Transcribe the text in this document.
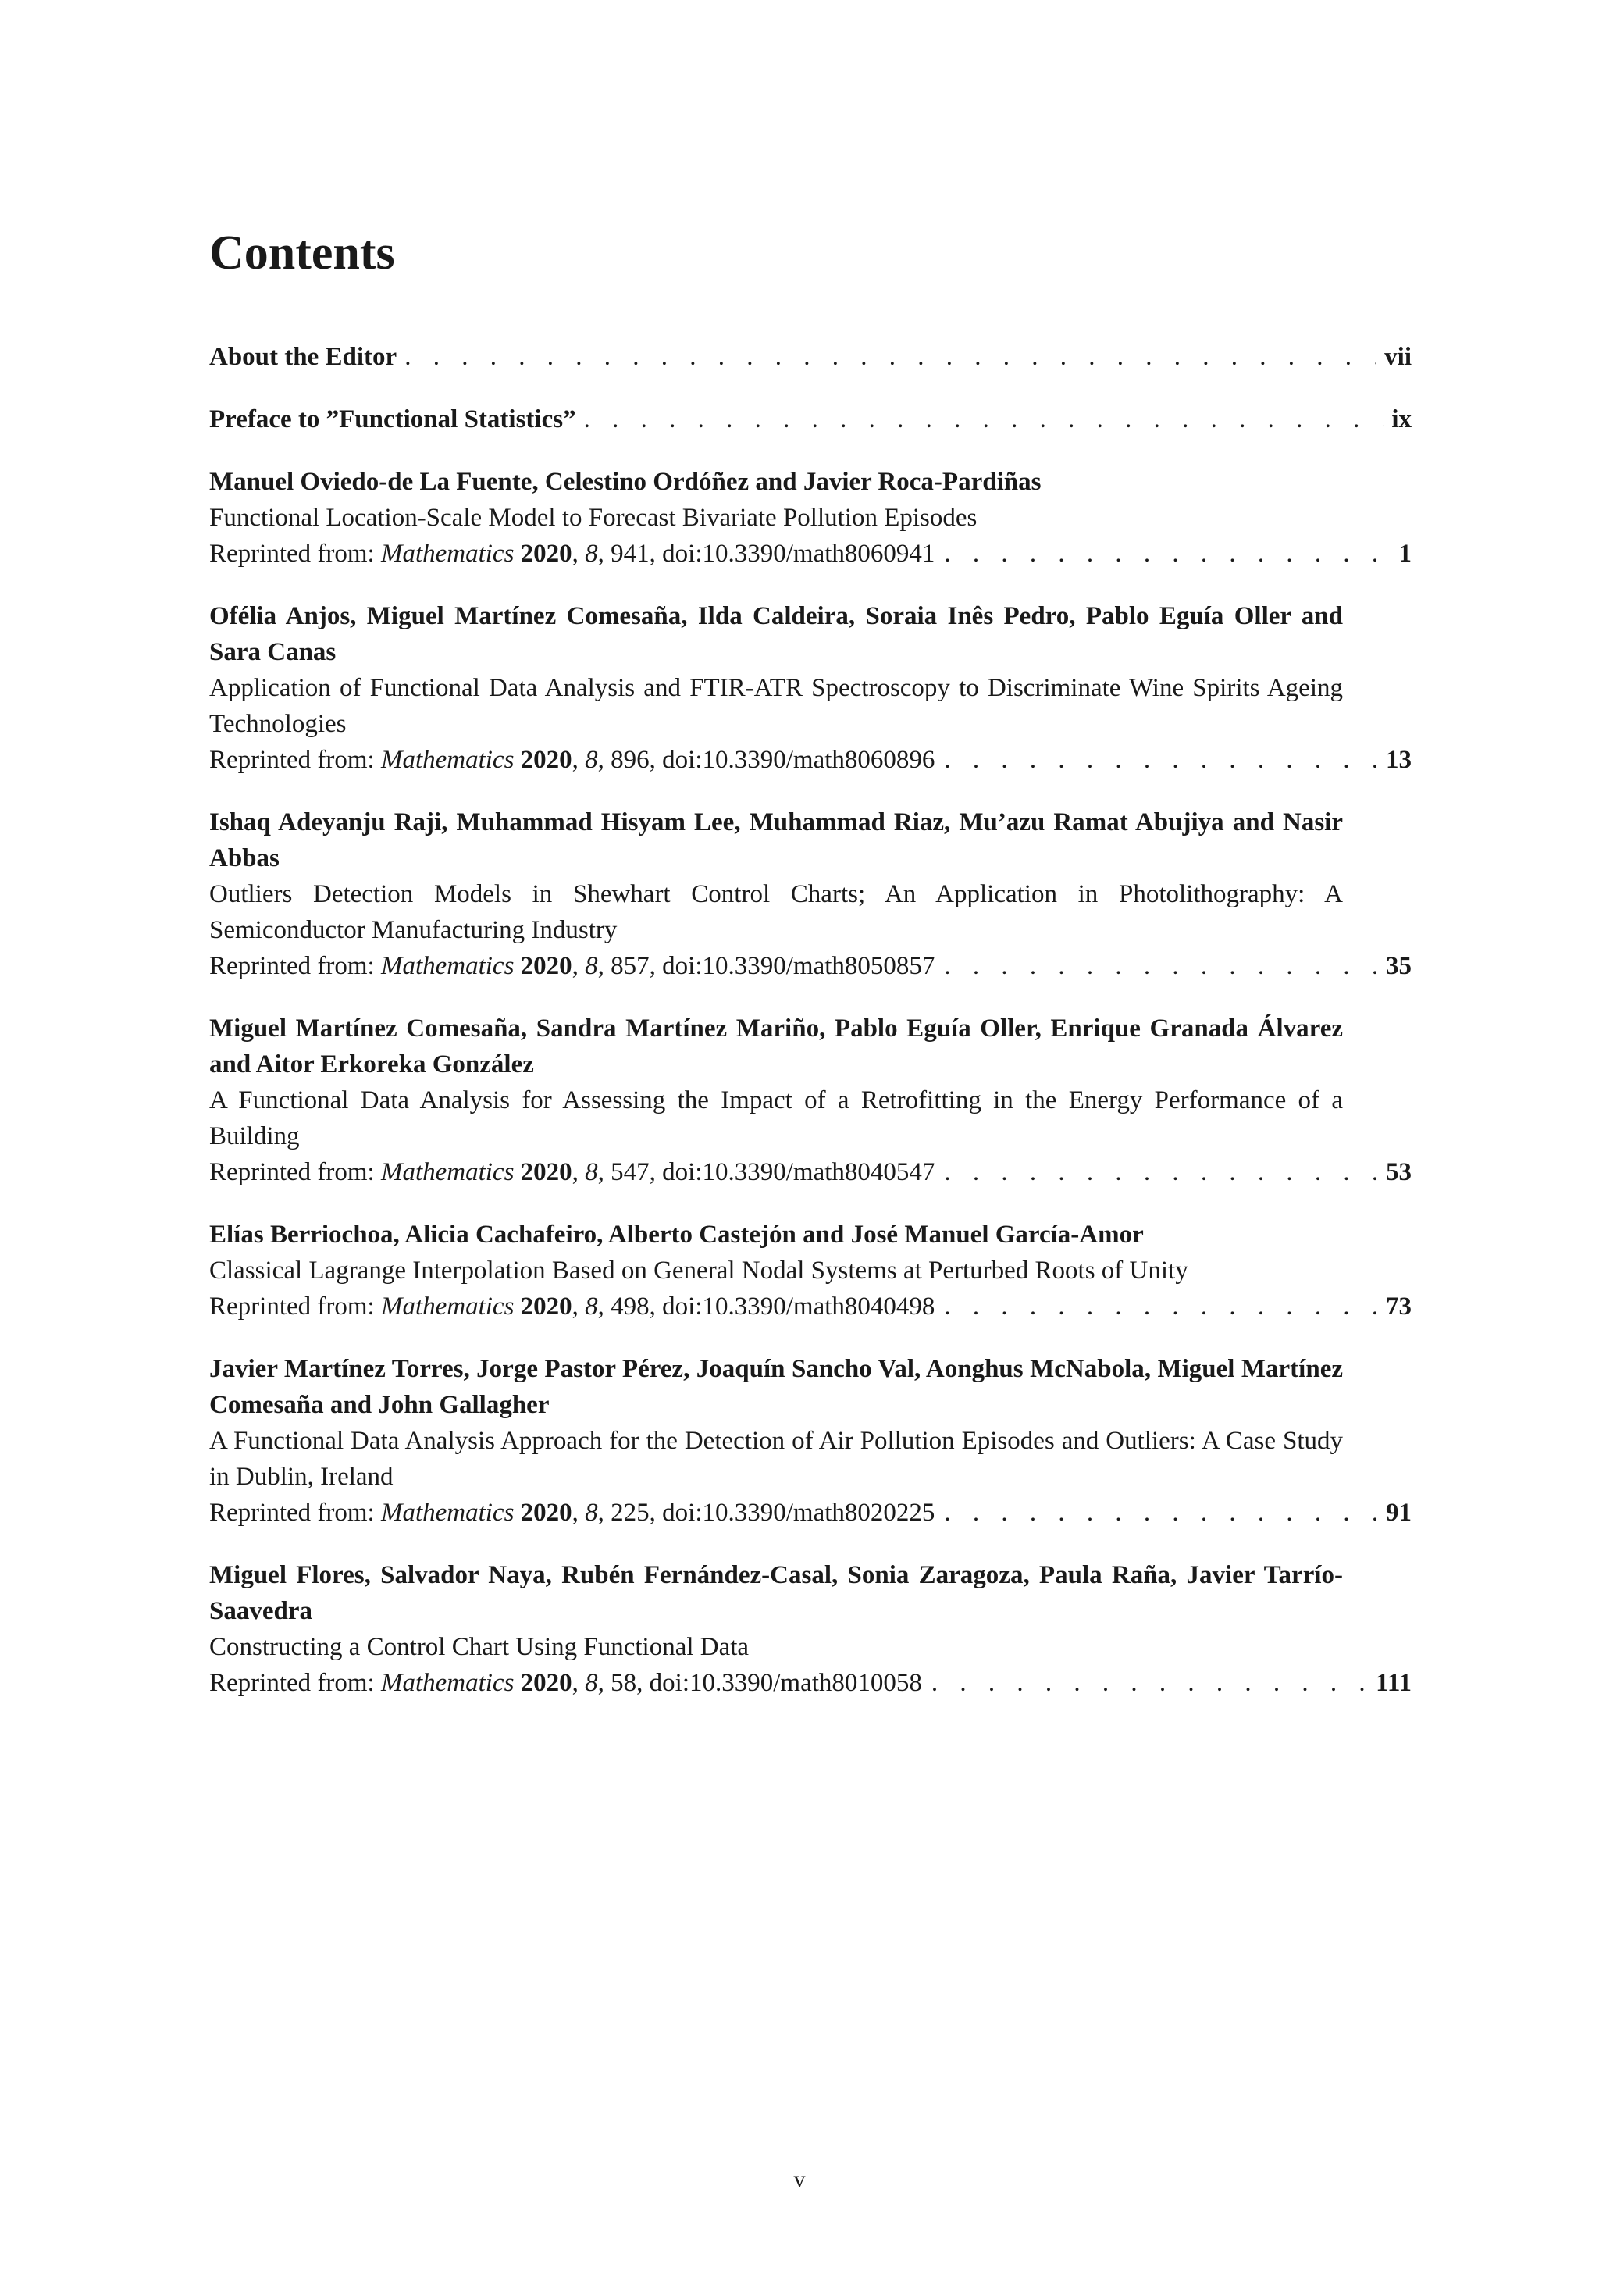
Contents
About the Editor . . .	vii
Preface to ”Functional Statistics” . . .	ix
Manuel Oviedo-de La Fuente, Celestino Ordóñez and Javier Roca-Pardiñas
Functional Location-Scale Model to Forecast Bivariate Pollution Episodes
Reprinted from: Mathematics 2020, 8, 941, doi:10.3390/math8060941 . . .	1
Ofélia Anjos, Miguel Martínez Comesaña, Ilda Caldeira, Soraia Inês Pedro, Pablo Eguía Oller and Sara Canas
Application of Functional Data Analysis and FTIR-ATR Spectroscopy to Discriminate Wine Spirits Ageing Technologies
Reprinted from: Mathematics 2020, 8, 896, doi:10.3390/math8060896 . . .	13
Ishaq Adeyanju Raji, Muhammad Hisyam Lee, Muhammad Riaz, Mu’azu Ramat Abujiya and Nasir Abbas
Outliers Detection Models in Shewhart Control Charts; An Application in Photolithography: A Semiconductor Manufacturing Industry
Reprinted from: Mathematics 2020, 8, 857, doi:10.3390/math8050857 . . .	35
Miguel Martínez Comesaña, Sandra Martínez Mariño, Pablo Eguía Oller, Enrique Granada Álvarez and Aitor Erkoreka González
A Functional Data Analysis for Assessing the Impact of a Retrofitting in the Energy Performance of a Building
Reprinted from: Mathematics 2020, 8, 547, doi:10.3390/math8040547 . . .	53
Elías Berriochoa, Alicia Cachafeiro, Alberto Castejón and José Manuel García-Amor
Classical Lagrange Interpolation Based on General Nodal Systems at Perturbed Roots of Unity
Reprinted from: Mathematics 2020, 8, 498, doi:10.3390/math8040498 . . .	73
Javier Martínez Torres, Jorge Pastor Pérez, Joaquín Sancho Val, Aonghus McNabola, Miguel Martínez Comesaña and John Gallagher
A Functional Data Analysis Approach for the Detection of Air Pollution Episodes and Outliers: A Case Study in Dublin, Ireland
Reprinted from: Mathematics 2020, 8, 225, doi:10.3390/math8020225 . . .	91
Miguel Flores, Salvador Naya, Rubén Fernández-Casal, Sonia Zaragoza, Paula Raña, Javier Tarrío-Saavedra
Constructing a Control Chart Using Functional Data
Reprinted from: Mathematics 2020, 8, 58, doi:10.3390/math8010058 . . .	111
v
